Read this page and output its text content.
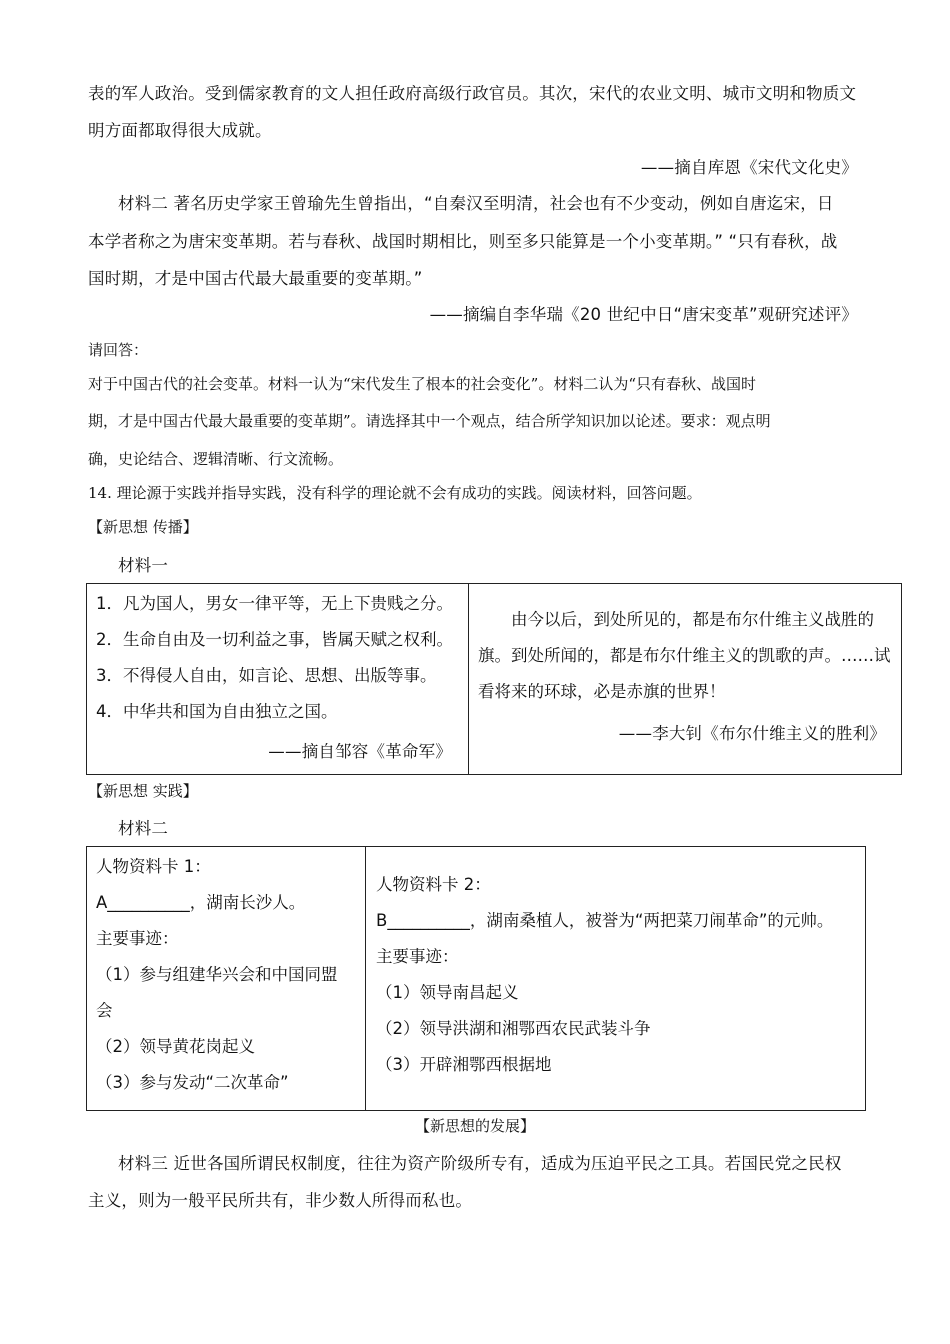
表的军人政治。受到儒家教育的文人担任政府高级行政官员。其次，宋代的农业文明、城市文明和物质文
明方面都取得很大成就。
——摘自库恩《宋代文化史》
材料二 著名历史学家王曾瑜先生曾指出，“自秦汉至明清，社会也有不少变动，例如自唐迄宋，日
本学者称之为唐宋变革期。若与春秋、战国时期相比，则至多只能算是一个小变革期。” “只有春秋，战
国时期，才是中国古代最大最重要的变革期。”
——摘编自李华瑞《20 世纪中日“唐宋变革”观研究述评》
请回答：
对于中国古代的社会变革。材料一认为“宋代发生了根本的社会变化”。材料二认为“只有春秋、战国时
期，才是中国古代最大最重要的变革期”。请选择其中一个观点，结合所学知识加以论述。要求：观点明
确，史论结合、逻辑清晰、行文流畅。
14. 理论源于实践并指导实践，没有科学的理论就不会有成功的实践。阅读材料，回答问题。
【新思想 传播】
材料一
1．凡为国人，男女一律平等，无上下贵贱之分。
2．生命自由及一切利益之事，皆属天赋之权利。
3．不得侵人自由，如言论、思想、出版等事。
4．中华共和国为自由独立之国。
——摘自邹容《革命军》
由今以后，到处所见的，都是布尔什维主义战胜的
旗。到处所闻的，都是布尔什维主义的凯歌的声。……试
看将来的环球，必是赤旗的世界！
——李大钊《布尔什维主义的胜利》
【新思想 实践】
材料二
人物资料卡 1：
A__________，湖南长沙人。
主要事迹：
（1）参与组建华兴会和中国同盟
会
（2）领导黄花岗起义
（3）参与发动“二次革命”
人物资料卡 2：
B__________，湖南桑植人，被誉为“两把菜刀闹革命”的元帅。
主要事迹：
（1）领导南昌起义
（2）领导洪湖和湘鄂西农民武装斗争
（3）开辟湘鄂西根据地
【新思想的发展】
材料三 近世各国所谓民权制度，往往为资产阶级所专有，适成为压迫平民之工具。若国民党之民权
主义，则为一般平民所共有，非少数人所得而私也。
